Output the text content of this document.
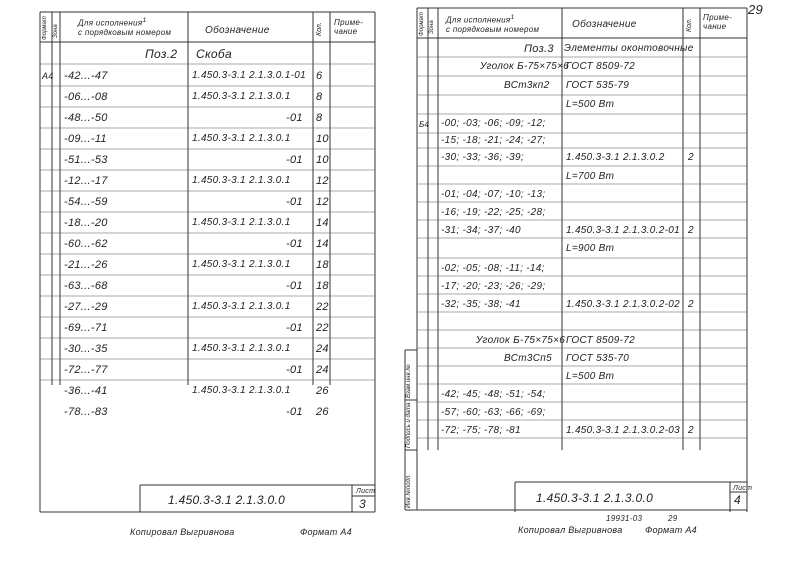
Формат Зона
Для исполнения$^1$
с порядковым номером	Обозначение	Кол. Приме- чание
Поз.2 Скоба
А4 -42...-47	1.450.3-3.1 2.1.3.0.1-01 6
-06...-08	1.450.3-3.1 2.1.3.0.1 8
-48...-50	-01 8
-09...-11	1.450.3-3.1 2.1.3.0.1 10
-51...-53	-01 10
-12...-17	1.450.3-3.1 2.1.3.0.1 12
-54...-59	-01 12
-18...-20	1.450.3-3.1 2.1.3.0.1 14
-60...-62	-01 14
-21...-26	1.450.3-3.1 2.1.3.0.1 18
-63...-68	-01 18
-27...-29	1.450.3-3.1 2.1.3.0.1 22
-69...-71	-01 22
-30...-35	1.450.3-3.1 2.1.3.0.1 24
-72...-77	-01 24
-36...-41	1.450.3-3.1 2.1.3.0.1 26
-78...-83	-01 26
1.450.3-3.1 2.1.3.0.0
Лист
3
Копировал Выгривнова	Формат А4
29
Формат Зона
Для исполнения$^1$
с порядковым номером	Обозначение	Кол.
Приме- чание
Поз.3 Элементы оконтовочные
Уголок Б-75×75×6
ГОСТ 8509-72
ВСт3кп2 ГОСТ 535-79
L=500 Вт
Б4 -00; -03; -06; -09; -12;
-15; -18; -21; -24; -27;
-30; -33; -36; -39;	1.450.3-3.1 2.1.3.0.2 2
L=700 Вт
-01; -04; -07; -10; -13;
-16; -19; -22; -25; -28;
-31; -34; -37; -40	1.450.3-3.1 2.1.3.0.2-01 2
L=900 Вт
-02; -05; -08; -11; -14;
-17; -20; -23; -26; -29;
-32; -35; -38; -41	1.450.3-3.1 2.1.3.0.2-02 2
Уголок Б-75×75×6 ГОСТ 8509-72
ВСт3Сп5 ГОСТ 535-70
L=500 Вт
-42; -45; -48; -51; -54;
-57; -60; -63; -66; -69;
-72; -75; -78; -81	1.450.3-3.1 2.1.3.0.2-03 2
Инв.№подл.
Подпись и дата
Взам.инв.№
1.450.3-3.1 2.1.3.0.0
Лист
4
19931-03	29
Копировал Выгривнова	Формат А4
